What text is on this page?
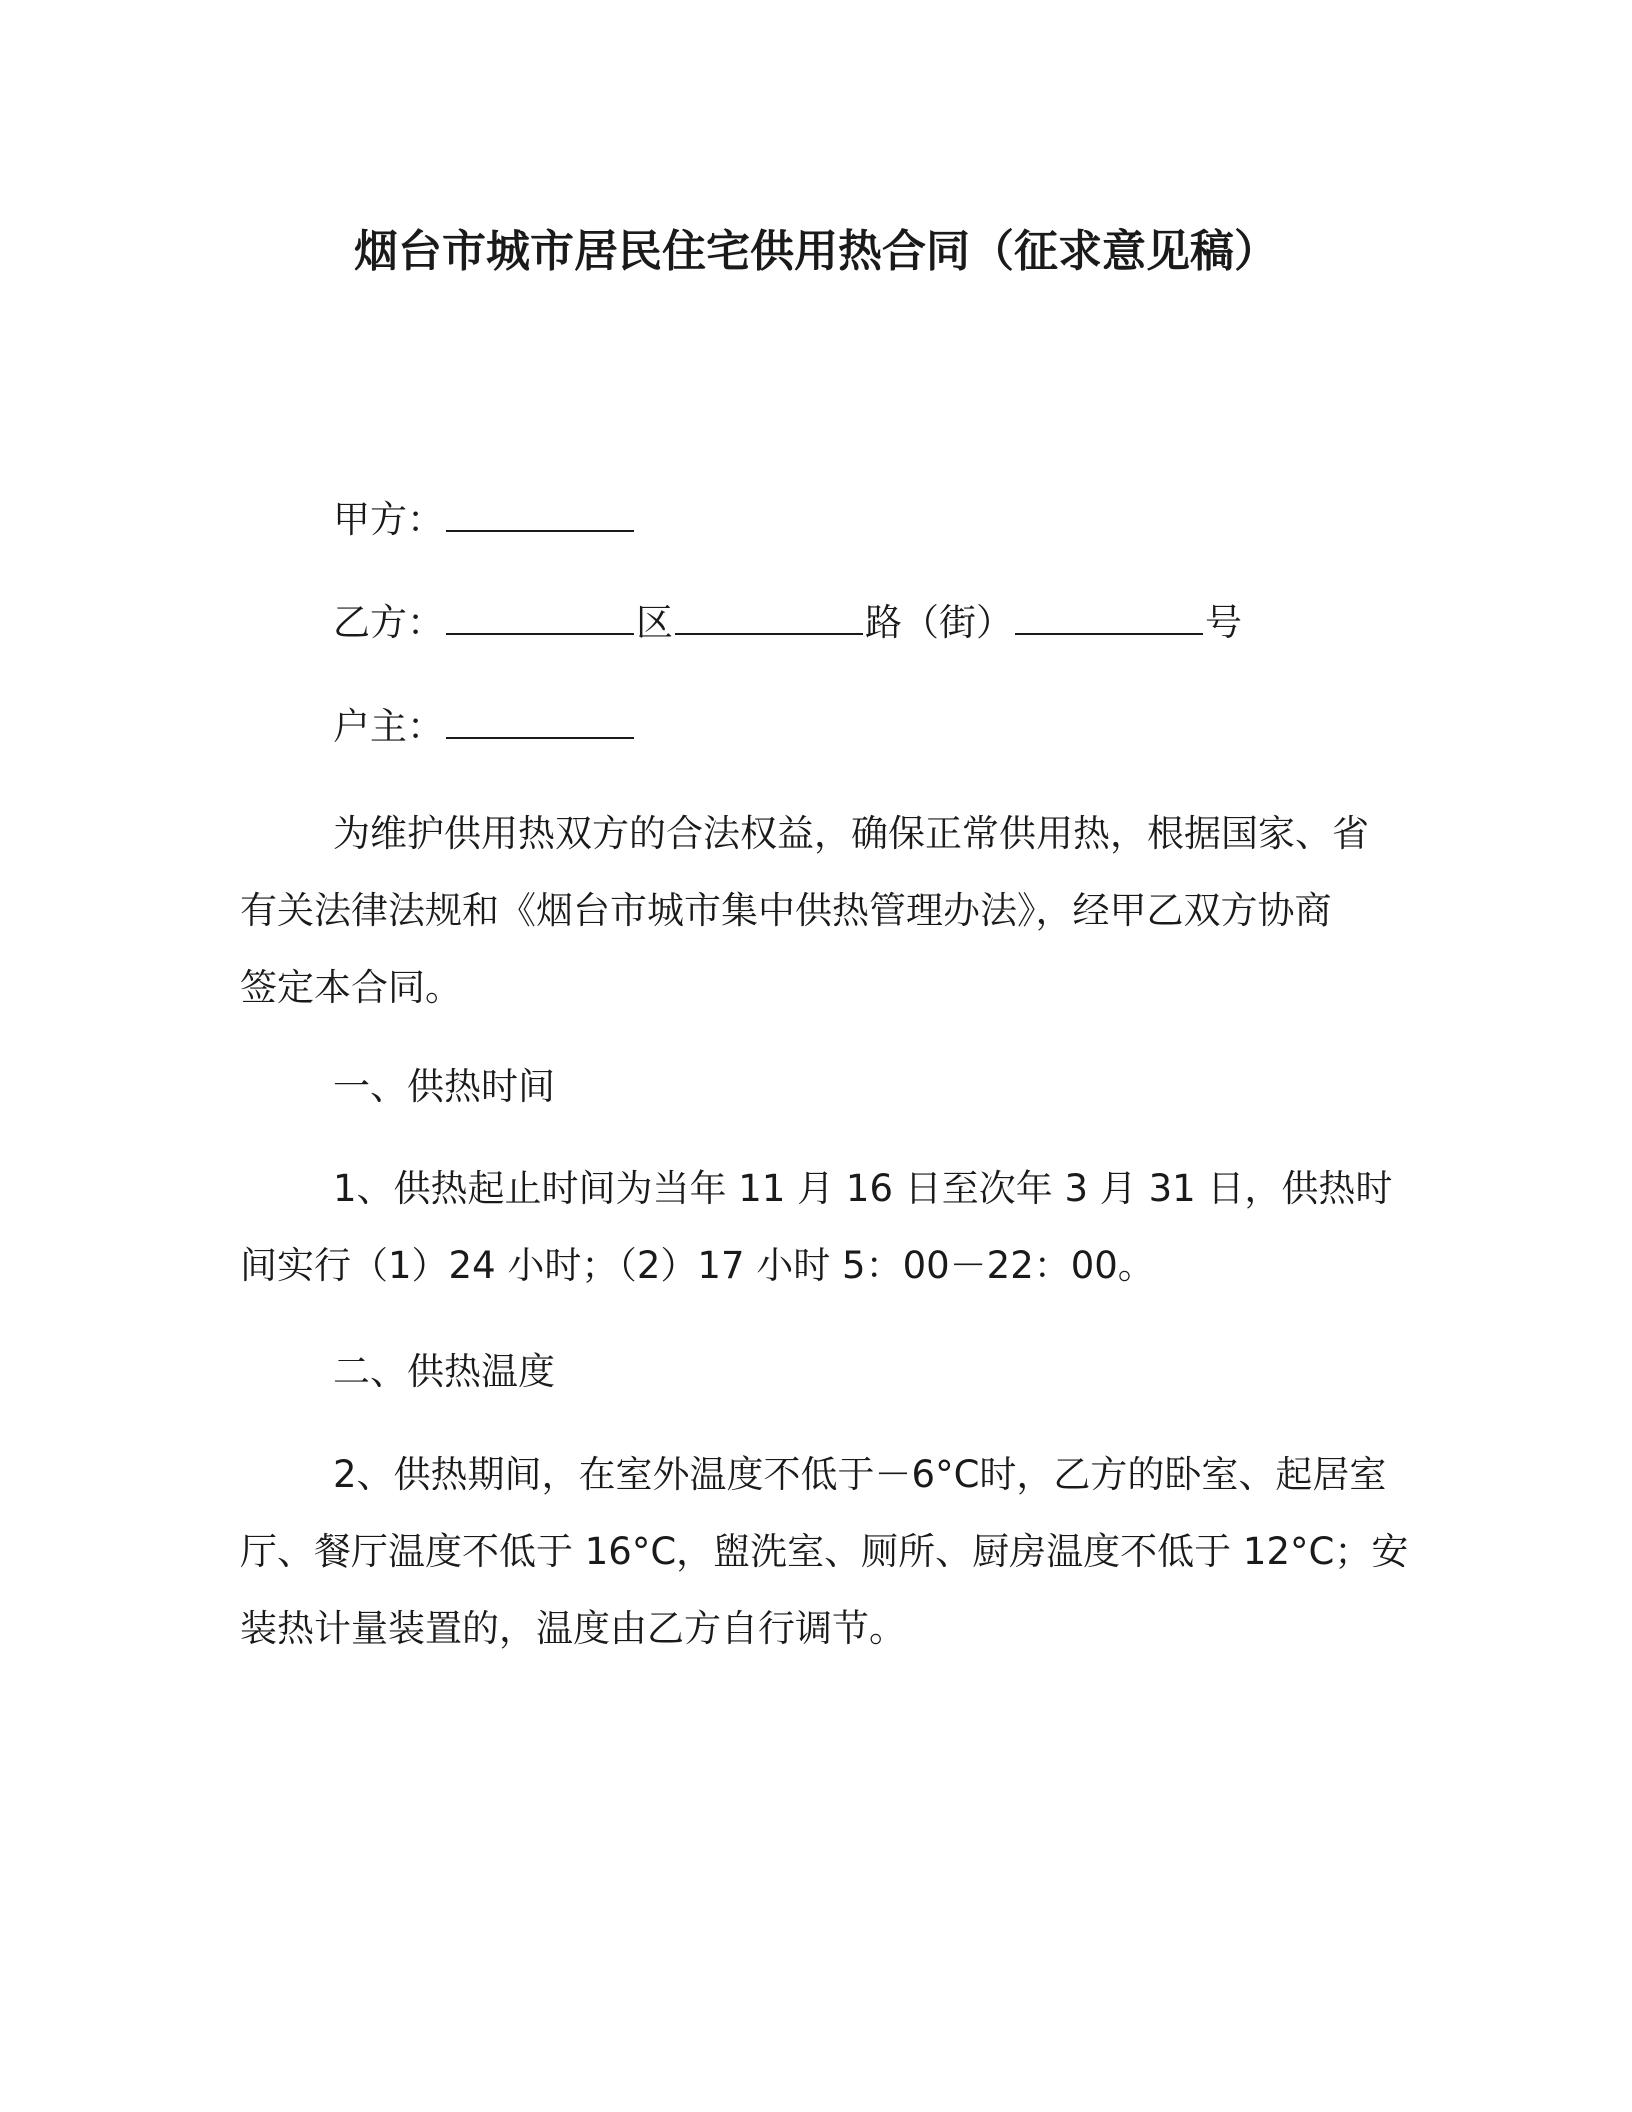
烟台市城市居民住宅供用热合同（征求意见稿）
甲方：
乙方：	区	路（街）	号
户主：
为维护供用热双方的合法权益，确保正常供用热，根据国家、省
有关法律法规和《烟台市城市集中供热管理办法》，经甲乙双方协商
签定本合同。
一、供热时间
1、供热起止时间为当年 11 月 16 日至次年 3 月 31 日，供热时
间实行（1）24 小时；（2）17 小时 5：00－22：00。
二、供热温度
2、供热期间，在室外温度不低于－6°C时，乙方的卧室、起居室
厅、餐厅温度不低于 16°C，盥洗室、厕所、厨房温度不低于 12°C；安
装热计量装置的，温度由乙方自行调节。
